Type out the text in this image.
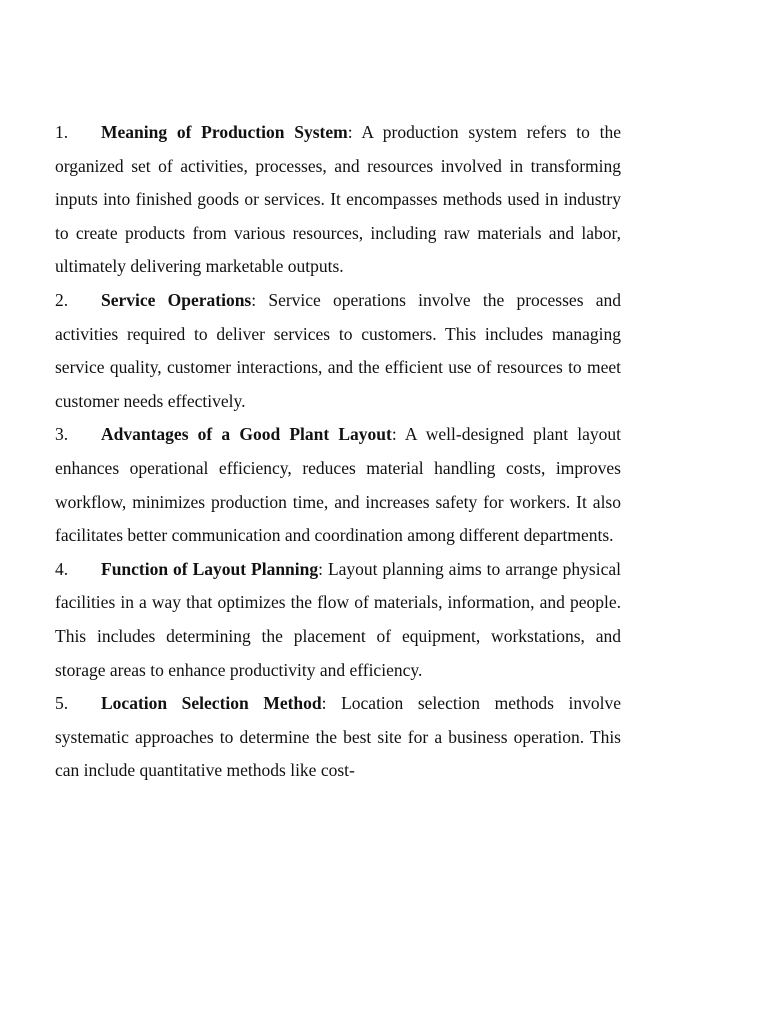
1. Meaning of Production System: A production system refers to the organized set of activities, processes, and resources involved in transforming inputs into finished goods or services. It encompasses methods used in industry to create products from various resources, including raw materials and labor, ultimately delivering marketable outputs.

2. Service Operations: Service operations involve the processes and activities required to deliver services to customers. This includes managing service quality, customer interactions, and the efficient use of resources to meet customer needs effectively.

3. Advantages of a Good Plant Layout: A well-designed plant layout enhances operational efficiency, reduces material handling costs, improves workflow, minimizes production time, and increases safety for workers. It also facilitates better communication and coordination among different departments.

4. Function of Layout Planning: Layout planning aims to arrange physical facilities in a way that optimizes the flow of materials, information, and people. This includes determining the placement of equipment, workstations, and storage areas to enhance productivity and efficiency.

5. Location Selection Method: Location selection methods involve systematic approaches to determine the best site for a business operation. This can include quantitative methods like cost-
